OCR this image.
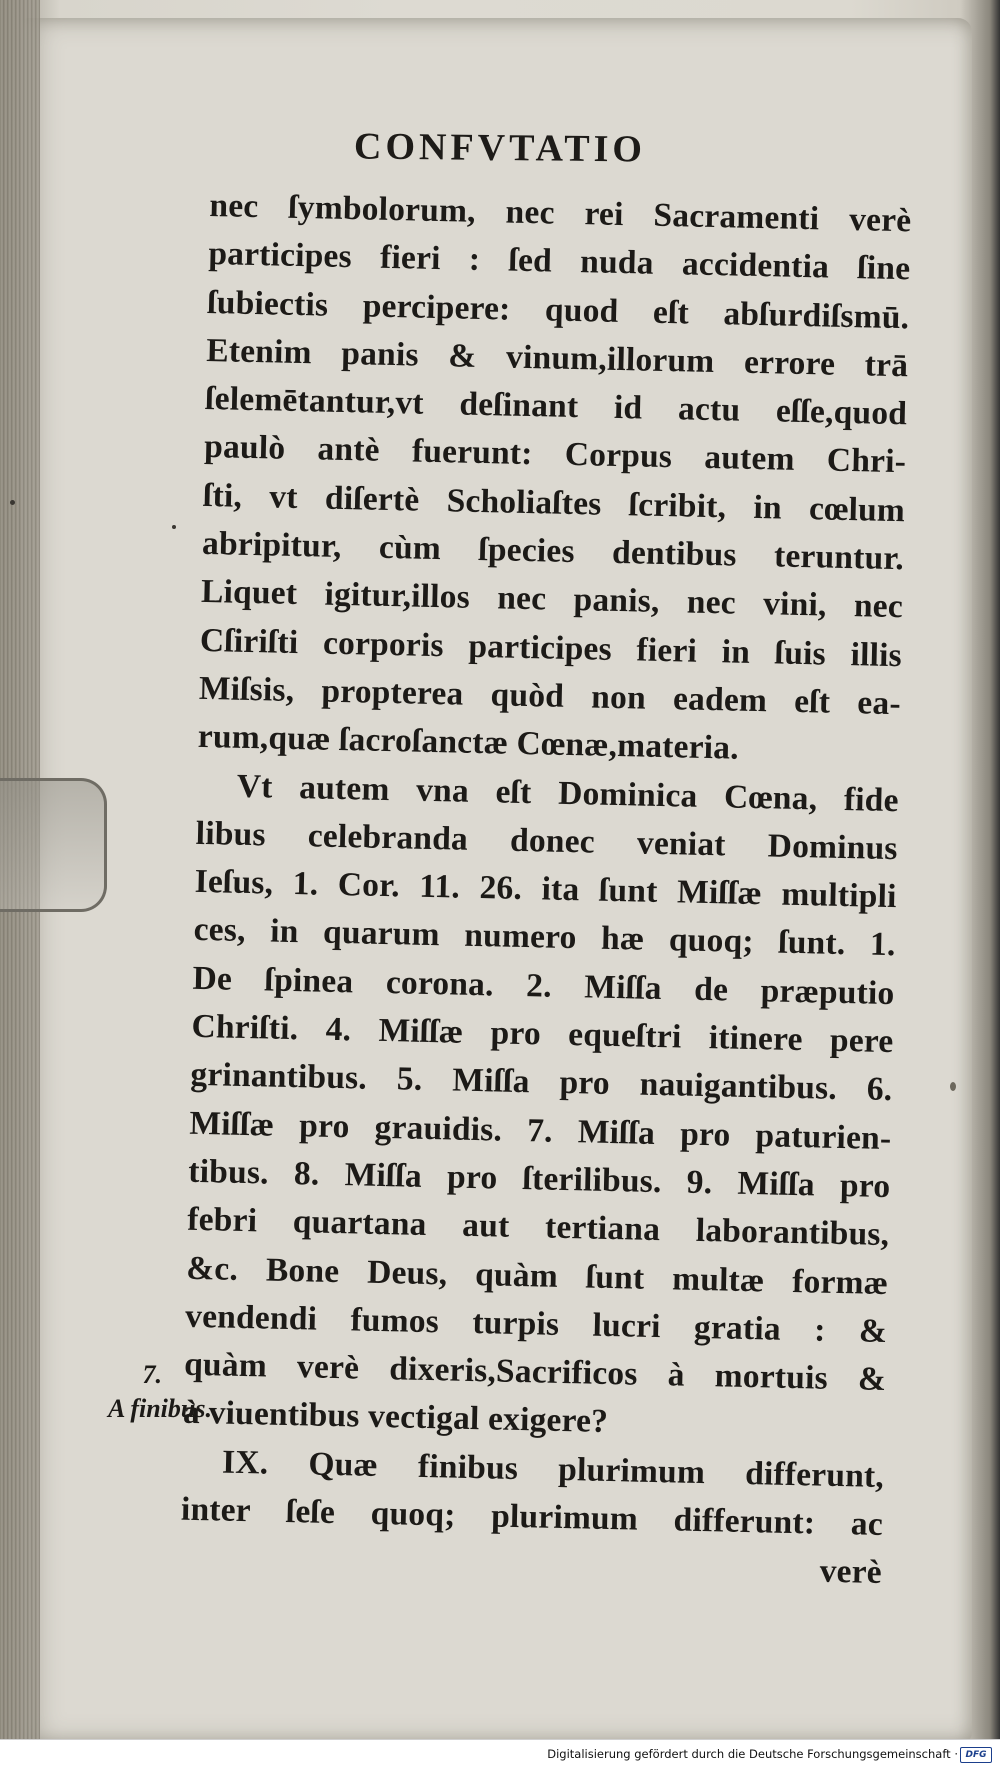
CONFVTATIO
nec ſymbolorum, nec rei Sacramenti verè
participes fieri : ſed nuda accidentia ſine
ſubiectis percipere: quod eſt abſurdiſsmū.
Etenim panis & vinum,illorum errore trā
ſelemētantur,vt deſinant id actu eſſe,quod
paulò antè fuerunt: Corpus autem Chri-
ſti, vt diſertè Scholiaſtes ſcribit, in cœlum
abripitur, cùm ſpecies dentibus teruntur.
Liquet igitur,illos nec panis, nec vini, nec
Cſiriſti corporis participes fieri in ſuis illis
Miſsis, propterea quòd non eadem eſt ea-
rum,quæ ſacroſanctæ Cœnæ,materia.
Vt autem vna eſt Dominica Cœna, fide
libus celebranda donec veniat Dominus
Ieſus, 1. Cor. 11. 26. ita ſunt Miſſæ multipli
ces, in quarum numero hæ quoq; ſunt. 1.
De ſpinea corona. 2. Miſſa de præputio
Chriſti. 4. Miſſæ pro equeſtri itinere pere
grinantibus. 5. Miſſa pro nauigantibus. 6.
Miſſæ pro grauidis. 7. Miſſa pro paturien-
tibus. 8. Miſſa pro ſterilibus. 9. Miſſa pro
febri quartana aut tertiana laborantibus,
&c. Bone Deus, quàm ſunt multæ formæ
vendendi fumos turpis lucri gratia : &
quàm verè dixeris,Sacrificos à mortuis &
à viuentibus vectigal exigere?
IX. Quæ finibus plurimum differunt,
inter ſeſe quoq; plurimum differunt: ac
verè
7.
A finibus.
Digitalisierung gefördert durch die Deutsche Forschungsgemeinschaft · DFG
